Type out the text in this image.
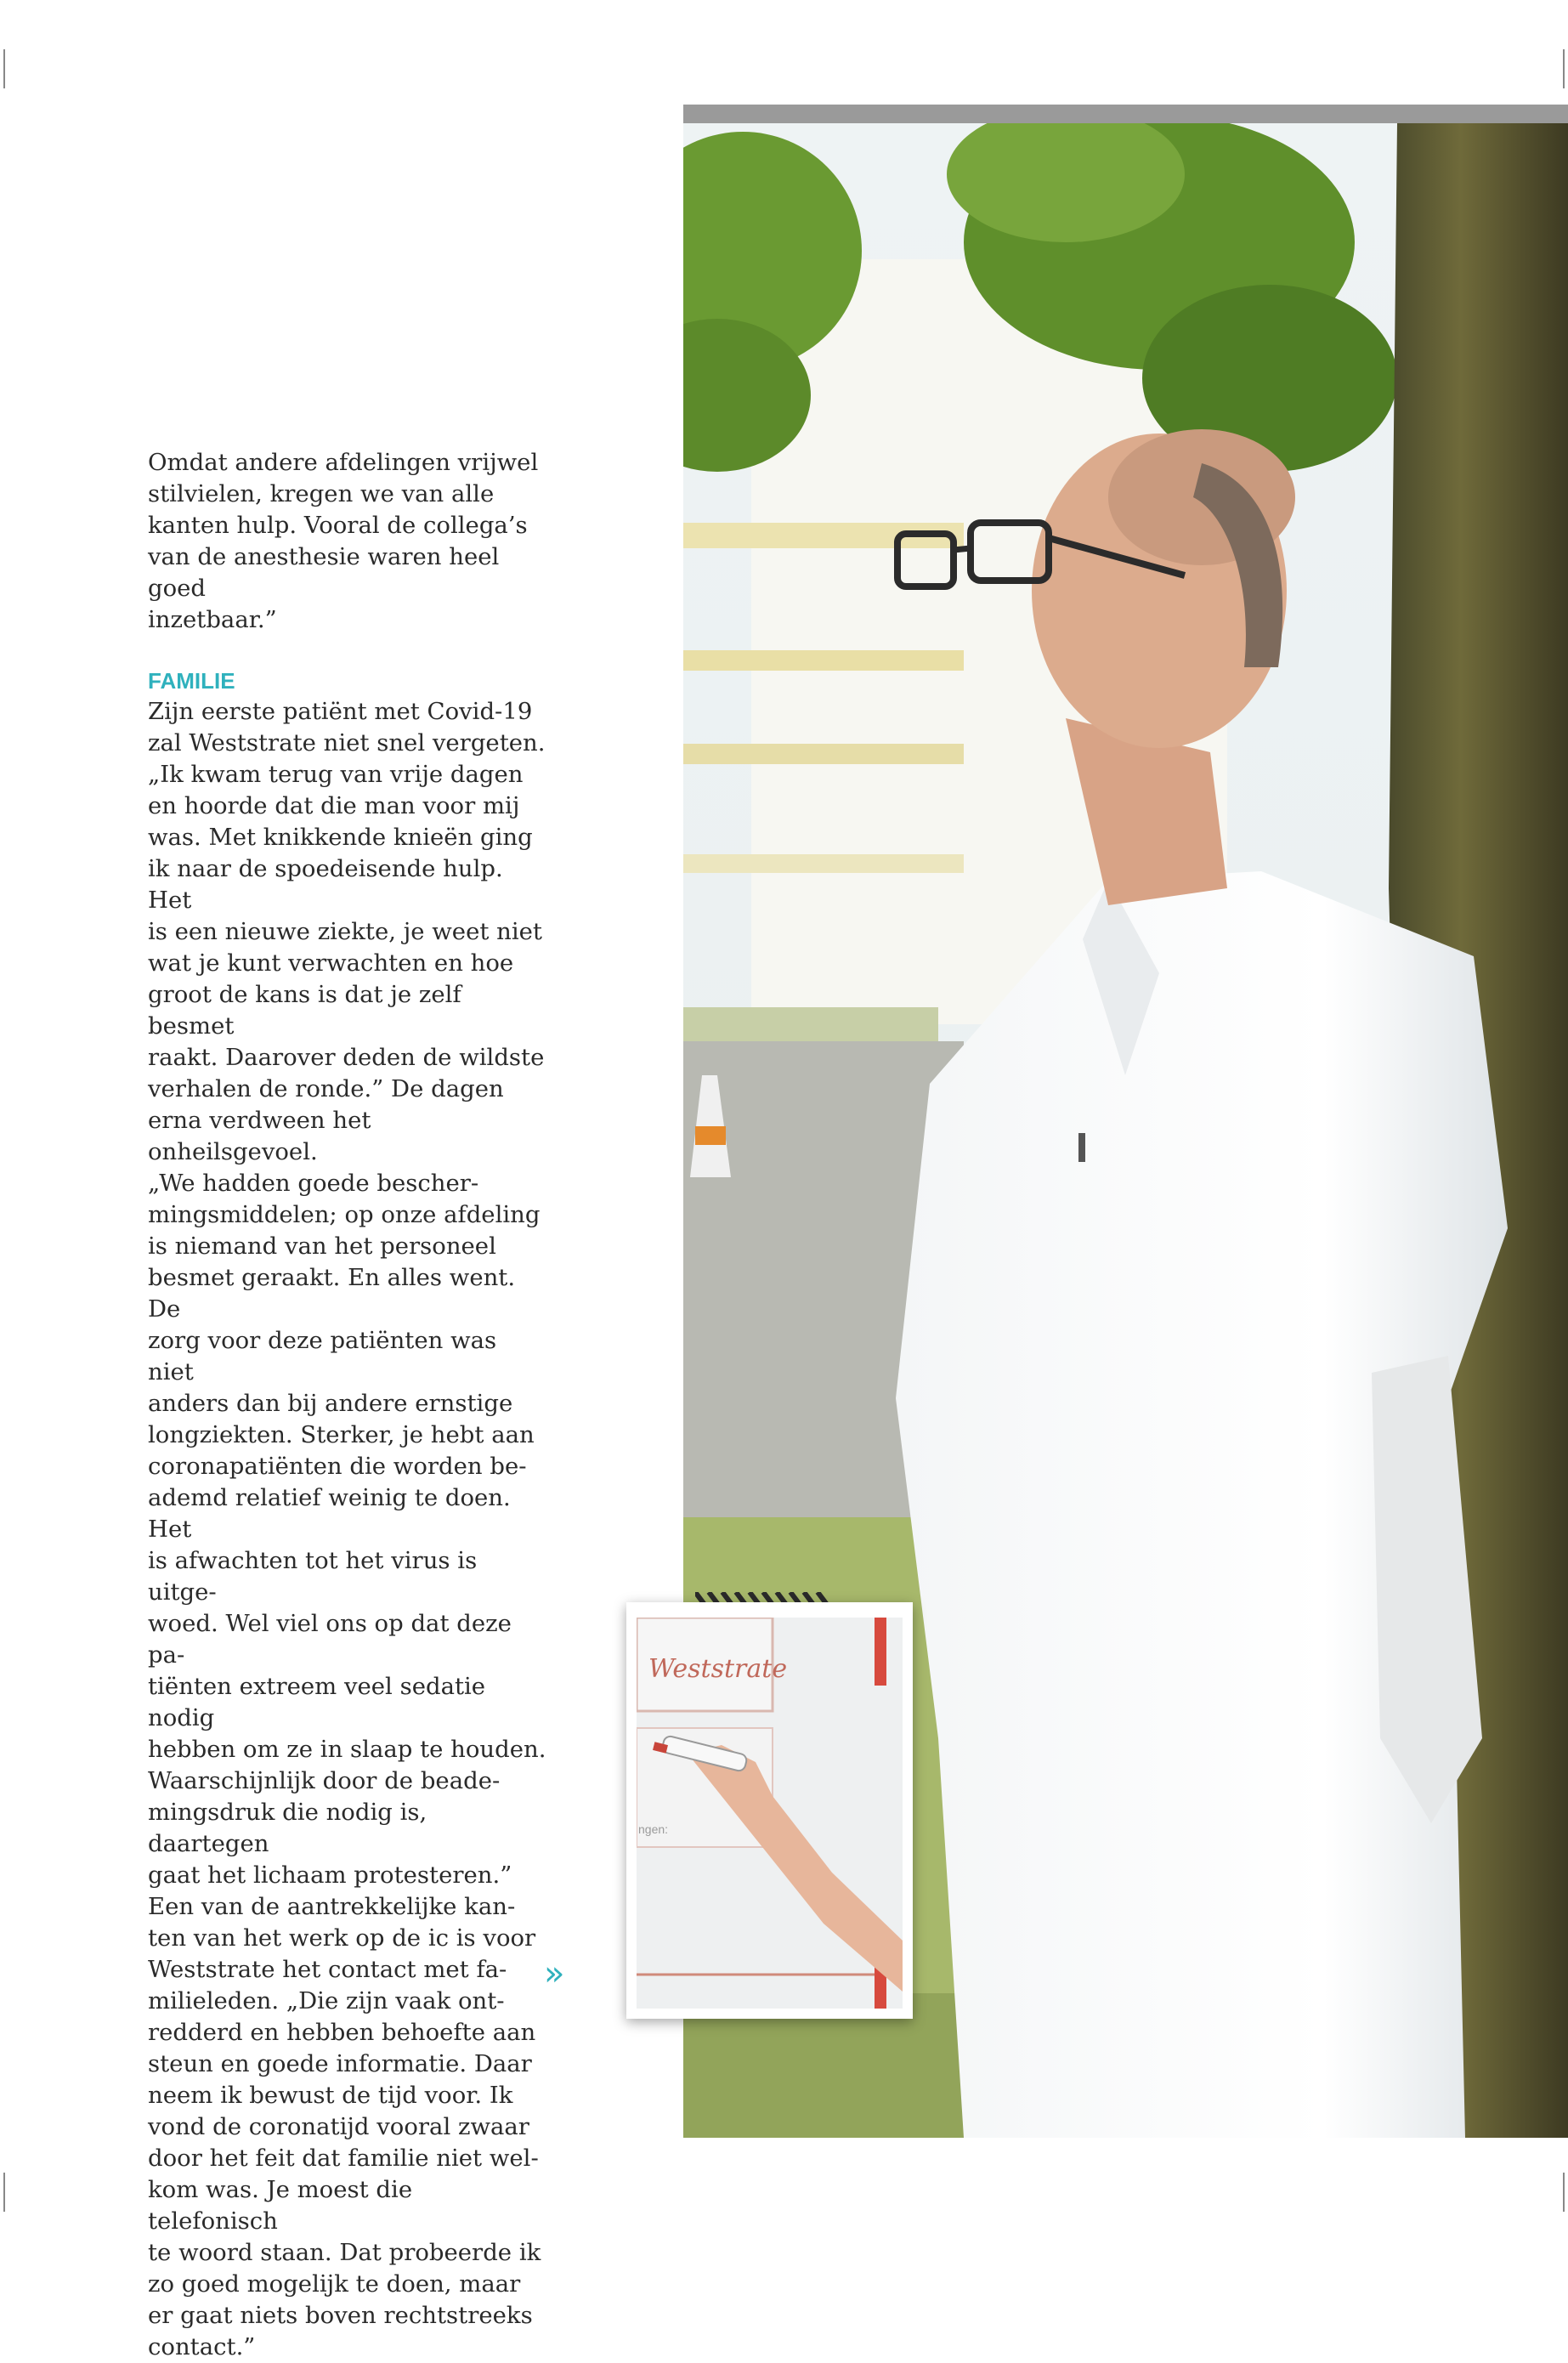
Omdat andere afdelingen vrijwel
stilvielen, kregen we van alle
kanten hulp. Vooral de collega’s
van de anesthesie waren heel goed
inzetbaar.”

FAMILIE

Zijn eerste patiënt met Covid-19
zal Weststrate niet snel vergeten.
„Ik kwam terug van vrije dagen
en hoorde dat die man voor mij
was. Met knikkende knieën ging
ik naar de spoedeisende hulp. Het
is een nieuwe ziekte, je weet niet
wat je kunt verwachten en hoe
groot de kans is dat je zelf besmet
raakt. Daarover deden de wildste
verhalen de ronde.” De dagen
erna verdween het onheilsgevoel.
„We hadden goede bescher-
mingsmiddelen; op onze afdeling
is niemand van het personeel
besmet geraakt. En alles went. De
zorg voor deze patiënten was niet
anders dan bij andere ernstige
longziekten. Sterker, je hebt aan
coronapatiënten die worden be-
ademd relatief weinig te doen. Het
is afwachten tot het virus is uitge-
woed. Wel viel ons op dat deze pa-
tiënten extreem veel sedatie nodig
hebben om ze in slaap te houden.
Waarschijnlijk door de beade-
mingsdruk die nodig is, daartegen
gaat het lichaam protesteren.”
Een van de aantrekkelijke kan-
ten van het werk op de ic is voor
Weststrate het contact met fa-
milieleden. „Die zijn vaak ont-
redderd en hebben behoefte aan
steun en goede informatie. Daar
neem ik bewust de tijd voor. Ik
vond de coronatijd vooral zwaar
door het feit dat familie niet wel-
kom was. Je moest die telefonisch
te woord staan. Dat probeerde ik
zo goed mogelijk te doen, maar
er gaat niets boven rechtstreeks
contact.”

»
Weststrate
ngen:
